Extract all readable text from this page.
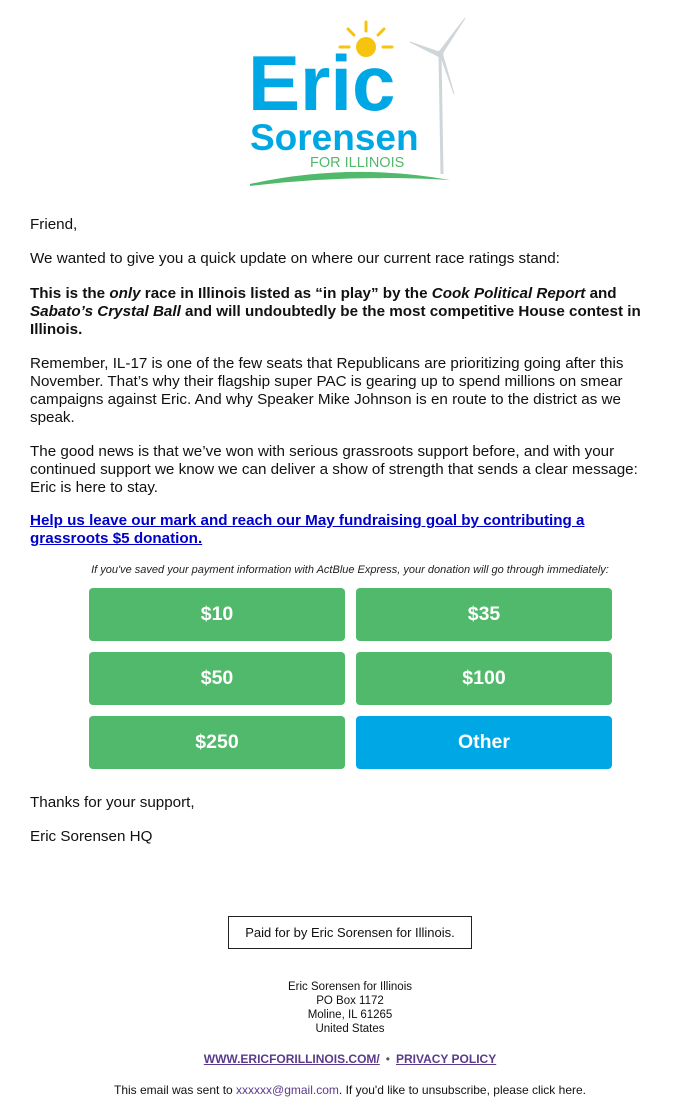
Eric
Sorensen
FOR ILLINOIS

Friend,

We wanted to give you a quick update on where our current race ratings stand:

This is the only race in Illinois listed as “in play” by the Cook Political Report and Sabato’s Crystal Ball and will undoubtedly be the most competitive House contest in Illinois.

Remember, IL-17 is one of the few seats that Republicans are prioritizing going after this November. That’s why their flagship super PAC is gearing up to spend millions on smear campaigns against Eric. And why Speaker Mike Johnson is en route to the district as we speak.

The good news is that we’ve won with serious grassroots support before, and with your continued support we know we can deliver a show of strength that sends a clear message: Eric is here to stay.

Help us leave our mark and reach our May fundraising goal by contributing a grassroots $5 donation.

If you've saved your payment information with ActBlue Express, your donation will go through immediately:
$10	$35
$50	$100
$250	Other
Thanks for your support,
Eric Sorensen HQ
Paid for by Eric Sorensen for Illinois.
Eric Sorensen for Illinois
PO Box 1172
Moline, IL 61265
United States
WWW.ERICFORILLINOIS.COM/ • PRIVACY POLICY
This email was sent to xxxxxx@gmail.com. If you'd like to unsubscribe, please click here.
